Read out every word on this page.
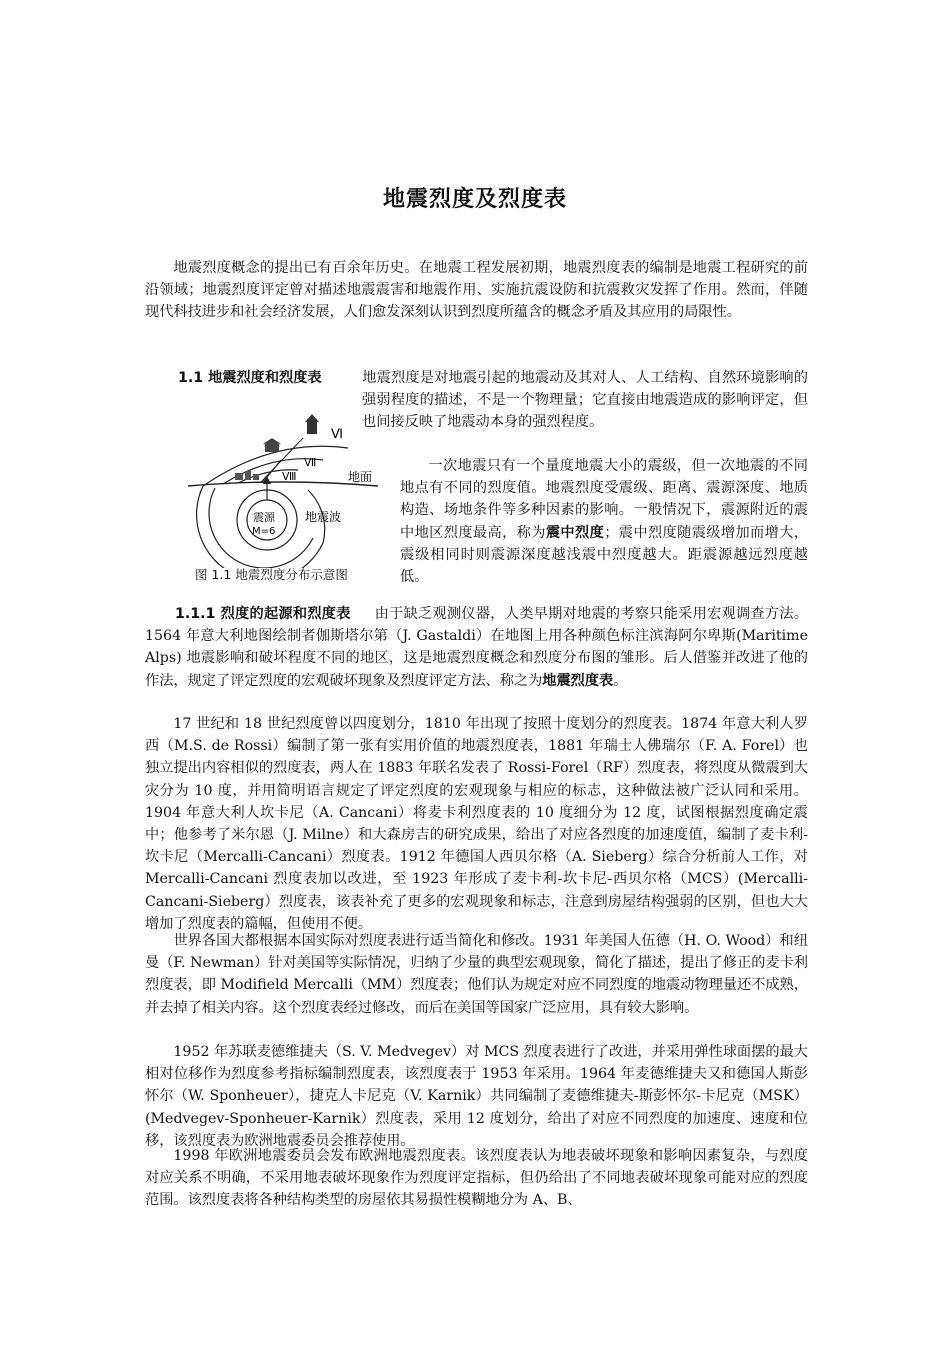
地震烈度及烈度表

地震烈度概念的提出已有百余年历史。在地震工程发展初期，地震烈度表的编制是地震工程研究的前沿领域；地震烈度评定曾对描述地震震害和地震作用、实施抗震设防和抗震救灾发挥了作用。然而，伴随现代科技进步和社会经济发展，人们愈发深刻认识到烈度所蕴含的概念矛盾及其应用的局限性。

1.1 地震烈度和烈度表	地震烈度是对地震引起的地震动及其对人、人工结构、自然环境影响的强弱程度的描述，不是一个物理量；它直接由地震造成的影响评定，但也间接反映了地震动本身的强烈程度。

一次地震只有一个量度地震大小的震级，但一次地震的不同地点有不同的烈度值。地震烈度受震级、距离、震源深度、地质构造、场地条件等多种因素的影响。一般情况下，震源附近的震中地区烈度最高，称为震中烈度；震中烈度随震级增加而增大，震级相同时则震源深度越浅震中烈度越大。距震源越远烈度越低。

Ⅵ
Ⅶ
Ⅷ	地面
震源
M=6
地震波
图 1.1 地震烈度分布示意图

1.1.1 烈度的起源和烈度表 由于缺乏观测仪器，人类早期对地震的考察只能采用宏观调查方法。1564 年意大利地图绘制者伽斯塔尔第（J. Gastaldi）在地图上用各种颜色标注滨海阿尔卑斯(Maritime Alps) 地震影响和破坏程度不同的地区，这是地震烈度概念和烈度分布图的雏形。后人借鉴并改进了他的作法，规定了评定烈度的宏观破坏现象及烈度评定方法、称之为地震烈度表。

17 世纪和 18 世纪烈度曾以四度划分，1810 年出现了按照十度划分的烈度表。1874 年意大利人罗西（M.S. de Rossi）编制了第一张有实用价值的地震烈度表，1881 年瑞士人佛瑞尔（F. A. Forel）也独立提出内容相似的烈度表，两人在 1883 年联名发表了 Rossi-Forel（RF）烈度表，将烈度从微震到大灾分为 10 度，并用简明语言规定了评定烈度的宏观现象与相应的标志，这种做法被广泛认同和采用。1904 年意大利人坎卡尼（A. Cancani）将麦卡利烈度表的 10 度细分为 12 度，试图根据烈度确定震中；他参考了米尔恩（J. Milne）和大森房吉的研究成果，给出了对应各烈度的加速度值，编制了麦卡利-坎卡尼（Mercalli-Cancani）烈度表。1912 年德国人西贝尔格（A. Sieberg）综合分析前人工作，对 Mercalli-Cancani 烈度表加以改进，至 1923 年形成了麦卡利-坎卡尼-西贝尔格（MCS）(Mercalli-Cancani-Sieberg）烈度表，该表补充了更多的宏观现象和标志，注意到房屋结构强弱的区别，但也大大增加了烈度表的篇幅，但使用不便。

世界各国大都根据本国实际对烈度表进行适当简化和修改。1931 年美国人伍德（H. O. Wood）和纽曼（F. Newman）针对美国等实际情况，归纳了少量的典型宏观现象，简化了描述，提出了修正的麦卡利烈度表，即 Modifield Mercalli（MM）烈度表；他们认为规定对应不同烈度的地震动物理量还不成熟，并去掉了相关内容。这个烈度表经过修改，而后在美国等国家广泛应用，具有较大影响。

1952 年苏联麦德维捷夫（S. V. Medvegev）对 MCS 烈度表进行了改进，并采用弹性球面摆的最大相对位移作为烈度参考指标编制烈度表，该烈度表于 1953 年采用。1964 年麦德维捷夫又和德国人斯彭怀尔（W. Sponheuer），捷克人卡尼克（V. Karnik）共同编制了麦德维捷夫-斯彭怀尔-卡尼克（MSK）(Medvegev-Sponheuer-Karnik）烈度表，采用 12 度划分，给出了对应不同烈度的加速度、速度和位移，该烈度表为欧洲地震委员会推荐使用。

1998 年欧洲地震委员会发布欧洲地震烈度表。该烈度表认为地表破坏现象和影响因素复杂，与烈度对应关系不明确，不采用地表破坏现象作为烈度评定指标，但仍给出了不同地表破坏现象可能对应的烈度范围。该烈度表将各种结构类型的房屋依其易损性模糊地分为 A、B、
